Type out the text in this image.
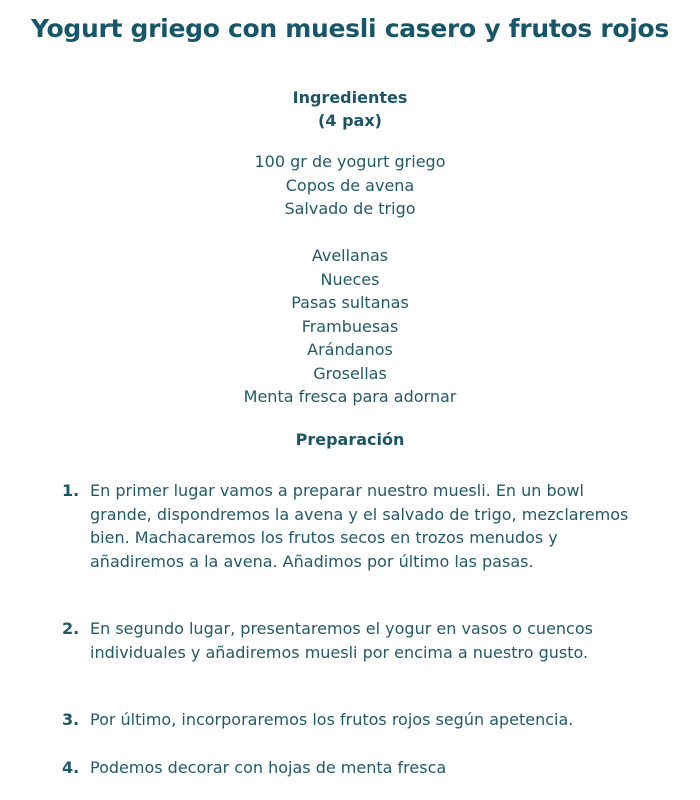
Yogurt griego con muesli casero y frutos rojos
Ingredientes
(4 pax)
100 gr de yogurt griego
Copos de avena
Salvado de trigo
Avellanas
Nueces
Pasas sultanas
Frambuesas
Arándanos
Grosellas
Menta fresca para adornar
Preparación
1. En primer lugar vamos a preparar nuestro muesli. En un bowl grande, dispondremos la avena y el salvado de trigo, mezclaremos bien. Machacaremos los frutos secos en trozos menudos y añadiremos a la avena. Añadimos por último las pasas.
2. En segundo lugar, presentaremos el yogur en vasos o cuencos individuales y añadiremos muesli por encima a nuestro gusto.
3. Por último, incorporaremos los frutos rojos según apetencia.
4. Podemos decorar con hojas de menta fresca
